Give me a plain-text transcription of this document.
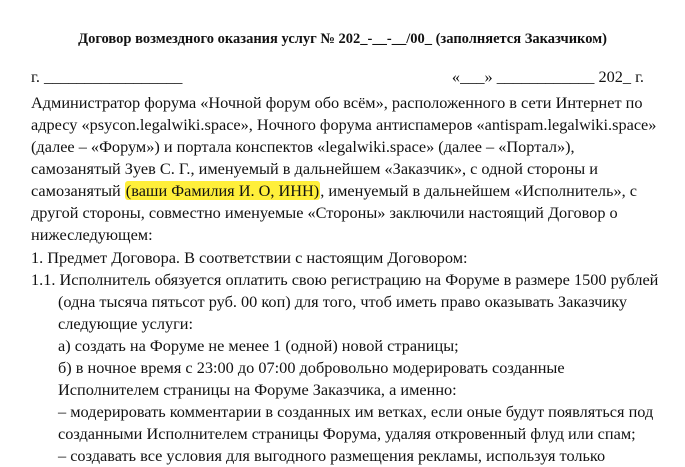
Договор возмездного оказания услуг № 202_-__-__/00_ (заполняется Заказчиком)
г. _________________	«___» ____________ 202_ г.
Администратор форума «Ночной форум обо всём», расположенного в сети Интернет по
адресу «psycon.legalwiki.space», Ночного форума антиспамеров «antispam.legalwiki.space»
(далее – «Форум») и портала конспектов «legalwiki.space» (далее – «Портал»),
самозанятый Зуев С. Г., именуемый в дальнейшем «Заказчик», с одной стороны и
самозанятый (ваши Фамилия И. О, ИНН), именуемый в дальнейшем «Исполнитель», с
другой стороны, совместно именуемые «Стороны» заключили настоящий Договор о
нижеследующем:
1. Предмет Договора. В соответствии с настоящим Договором:
1.1. Исполнитель обязуется оплатить свою регистрацию на Форуме в размере 1500 рублей
(одна тысяча пятьсот руб. 00 коп) для того, чтоб иметь право оказывать Заказчику
следующие услуги:
а) создать на Форуме не менее 1 (одной) новой страницы;
б) в ночное время с 23:00 до 07:00 добровольно модерировать созданные
Исполнителем страницы на Форуме Заказчика, а именно:
– модерировать комментарии в созданных им ветках, если оные будут появляться под
созданными Исполнителем страницы Форума, удаляя откровенный флуд или спам;
– создавать все условия для выгодного размещения рекламы, используя только
